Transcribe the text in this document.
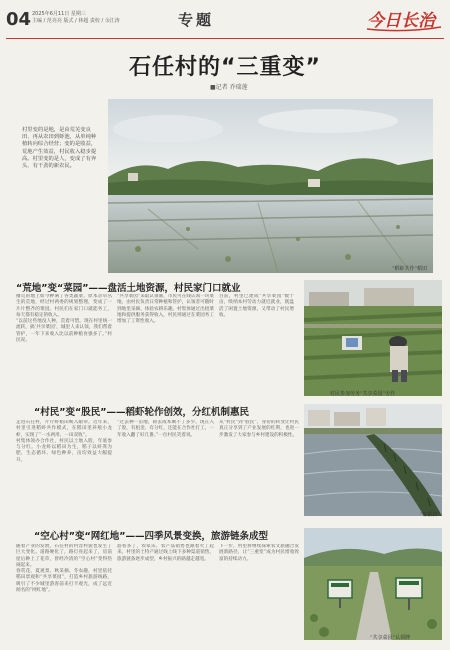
04 2025年6月11日 星期三
主编 / 范亮亮 版式 / 林超 责校 / 余江涛	专题	今日长治
石任村的“三重变”
■记者 乔瑞莲
“稻虾共作”稻田
村里变的是地，是由荒芜变良田、再从农田到虾池，从单纯种植转向综合经营；变的是收益，荒地产生效益，村民收入稳步提高。村里变的是人，变成了有奔头、有干劲的新农民。
“荒地”变“菜园”——盘活土地资源，村民家门口就业

撂荒的地上如今种满了各类蔬菜，原本杂草丛生的荒地，经过村两委的规划整理，变成了一片片整齐的菜园。村民们在家门口就能务工，每天都有稳定的收入。

“以前这些地没人种，荒着可惜。现在村里统一流转，搞‘共享菜园’，城里人来认领，我们帮着管护，一年下来收入比以前种粮食强多了。”村民说。

“共享菜园”采取认领制，市民可在线认领一块菜地，由村民负责日常种植和管护，认领者可随时到地里采摘、体验农耕乐趣。村集体通过出租菜地和提供服务获得收入，村民则通过在菜园务工增加了工资性收入。

目前，村里已建成“共享菜园”数十亩，吸纳本村劳动力就近就业，既盘活了闲置土地资源，又带动了村民增收。

村民参加劳务“共享菜园”劳作
“村民”变“股民”——稻虾轮作创效，分红机制惠民

走进石任村，片片虾稻田映入眼帘。近年来，村里引进稻虾共作模式，在稻田里养殖小龙虾，实现了“一水两用、一田双收”。

村集体领办合作社，村民以土地入股，年底参与分红。小龙虾以稻田为生，稻子以虾粪为肥，生态循环、绿色种养，亩均效益大幅提升。

“过去种一亩地，除去成本剩不了多少。现在入了股，有租金、有分红，还能在合作社打工，一年收入翻了好几番。”一位村民笑着说。

从“村民”到“股民”，身份的转变让村民真正分享到了产业发展的红利，也进一步激发了大家参与乡村建设的积极性。

“虾稻田”
“空心村”变“网红地”——四季风景变换，旅游链条成型

随着产业的发展，石任村的村容村貌也发生了巨大变化。道路硬化了，路灯亮起来了，房前屋后种上了花草，曾经冷清的“空心村”变得热闹起来。

春赏花、夏观景、秋采摘、冬农趣，村里依托稻田景观和“共享菜园”，打造乡村旅游线路，吸引了不少城里游客前来打卡观光，成了远近闻名的“网红地”。

游客多了，农家乐、农产品销售也跟着火了起来。村里的土特产通过线上线下多种渠道销售，旅游链条逐步成型，乡村振兴的路越走越宽。

下一步，村里将继续探索农文旅融合发展新路径，让“三重变”成为村民增收致富的持续动力。

“共享菜园”认领牌
